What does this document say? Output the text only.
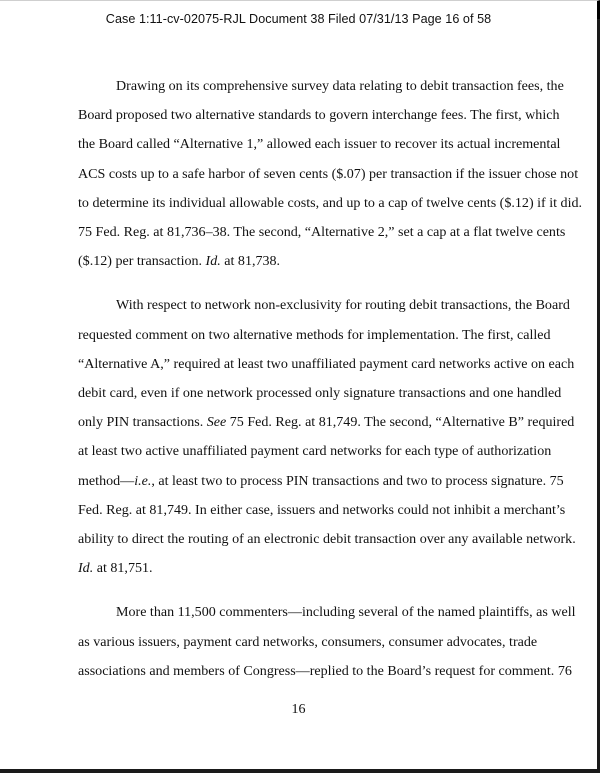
Case 1:11-cv-02075-RJL Document 38 Filed 07/31/13 Page 16 of 58

Drawing on its comprehensive survey data relating to debit transaction fees, the

Board proposed two alternative standards to govern interchange fees. The first, which

the Board called “Alternative 1,” allowed each issuer to recover its actual incremental

ACS costs up to a safe harbor of seven cents ($.07) per transaction if the issuer chose not

to determine its individual allowable costs, and up to a cap of twelve cents ($.12) if it did.

75 Fed. Reg. at 81,736–38. The second, “Alternative 2,” set a cap at a flat twelve cents

($.12) per transaction. Id. at 81,738.

With respect to network non-exclusivity for routing debit transactions, the Board

requested comment on two alternative methods for implementation. The first, called

“Alternative A,” required at least two unaffiliated payment card networks active on each

debit card, even if one network processed only signature transactions and one handled

only PIN transactions. See 75 Fed. Reg. at 81,749. The second, “Alternative B” required

at least two active unaffiliated payment card networks for each type of authorization

method—i.e., at least two to process PIN transactions and two to process signature. 75

Fed. Reg. at 81,749. In either case, issuers and networks could not inhibit a merchant’s

ability to direct the routing of an electronic debit transaction over any available network.

Id. at 81,751.

More than 11,500 commenters—including several of the named plaintiffs, as well

as various issuers, payment card networks, consumers, consumer advocates, trade

associations and members of Congress—replied to the Board’s request for comment. 76

16
